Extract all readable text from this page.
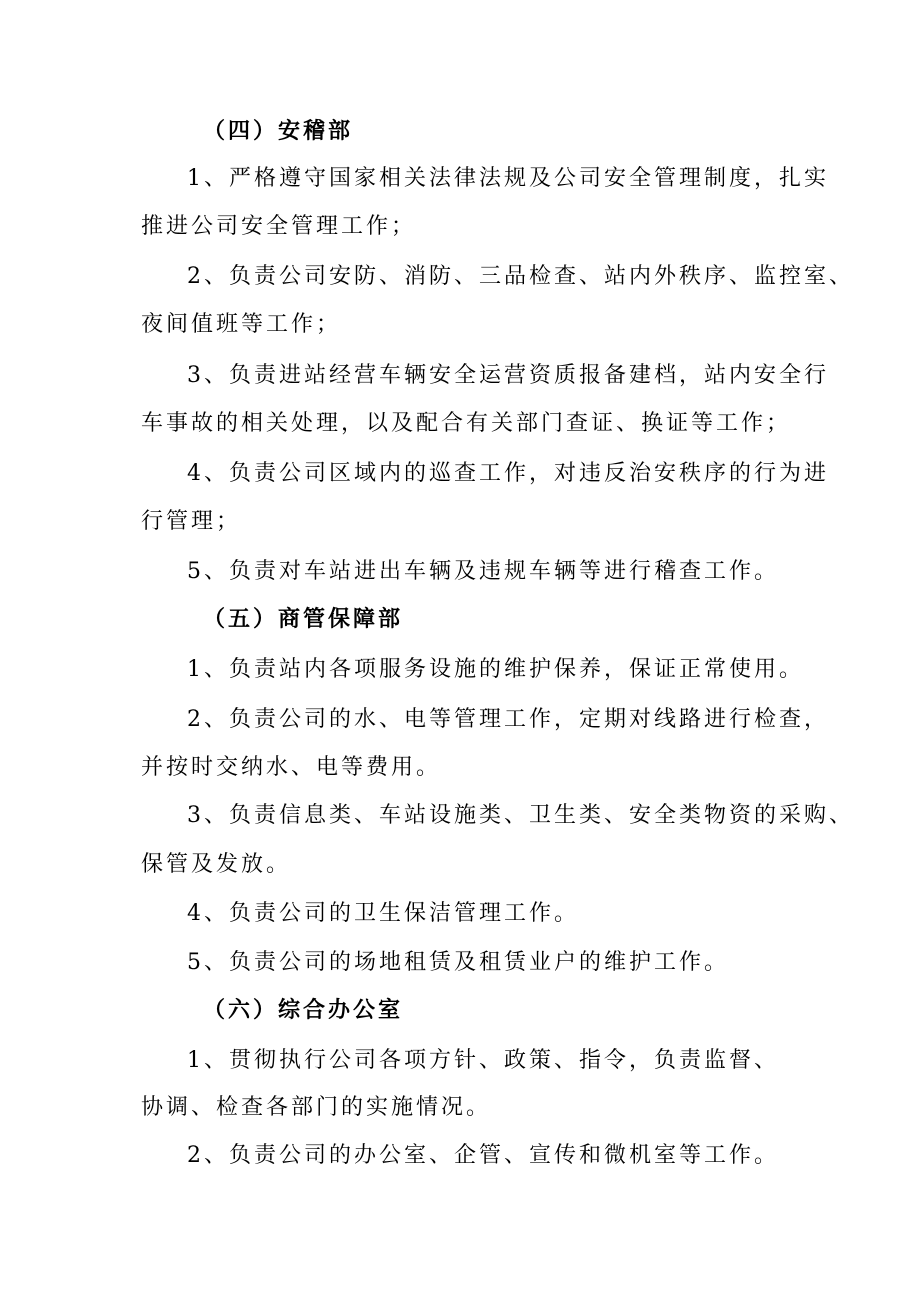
（四）安稽部
1、严格遵守国家相关法律法规及公司安全管理制度，扎实
推进公司安全管理工作；
2、负责公司安防、消防、三品检查、站内外秩序、监控室、
夜间值班等工作；
3、负责进站经营车辆安全运营资质报备建档，站内安全行
车事故的相关处理，以及配合有关部门查证、换证等工作；
4、负责公司区域内的巡查工作，对违反治安秩序的行为进
行管理；
5、负责对车站进出车辆及违规车辆等进行稽查工作。
（五）商管保障部
1、负责站内各项服务设施的维护保养，保证正常使用。
2、负责公司的水、电等管理工作，定期对线路进行检查，
并按时交纳水、电等费用。
3、负责信息类、车站设施类、卫生类、安全类物资的采购、
保管及发放。
4、负责公司的卫生保洁管理工作。
5、负责公司的场地租赁及租赁业户的维护工作。
（六）综合办公室
1、贯彻执行公司各项方针、政策、指令，负责监督、
协调、检查各部门的实施情况。
2、负责公司的办公室、企管、宣传和微机室等工作。
